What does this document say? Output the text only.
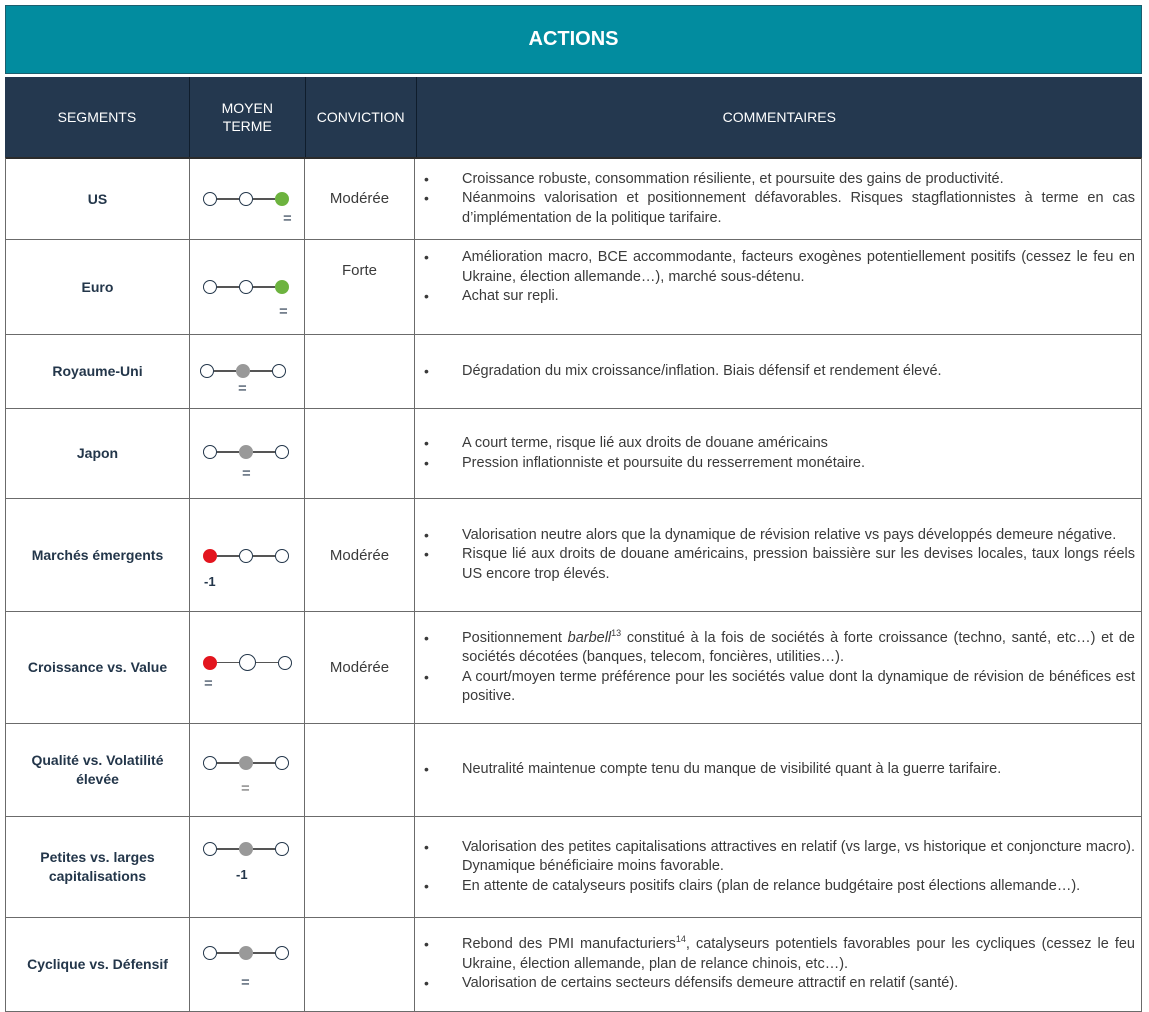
ACTIONS
SEGMENTS
MOYEN
TERME
CONVICTION	COMMENTAIRES
US
=
Modérée
• Croissance robuste, consommation résiliente, et poursuite des gains de productivité.
• Néanmoins valorisation et positionnement défavorables. Risques stagflationnistes à terme en cas d’implémentation de la politique tarifaire.
Euro
=
Forte
• Amélioration macro, BCE accommodante, facteurs exogènes potentiellement positifs (cessez le feu en Ukraine, élection allemande…), marché sous-détenu.
• Achat sur repli.
Royaume-Uni
=
• Dégradation du mix croissance/inflation. Biais défensif et rendement élevé.
Japon
=
• A court terme, risque lié aux droits de douane américains
• Pression inflationniste et poursuite du resserrement monétaire.
Marchés émergents
-1
Modérée
• Valorisation neutre alors que la dynamique de révision relative vs pays développés demeure négative.
• Risque lié aux droits de douane américains, pression baissière sur les devises locales, taux longs réels US encore trop élevés.
Croissance vs. Value
=
Modérée
• Positionnement barbell$^{13}$ constitué à la fois de sociétés à forte croissance (techno, santé, etc…) et de sociétés décotées (banques, telecom, foncières, utilities…).
• A court/moyen terme préférence pour les sociétés value dont la dynamique de révision de bénéfices est positive.
Qualité vs. Volatilité élevée
=
• Neutralité maintenue compte tenu du manque de visibilité quant à la guerre tarifaire.
Petites vs. larges capitalisations	-1
• Valorisation des petites capitalisations attractives en relatif (vs large, vs historique et conjoncture macro). Dynamique bénéficiaire moins favorable.
• En attente de catalyseurs positifs clairs (plan de relance budgétaire post élections allemande…).
Cyclique vs. Défensif
=
• Rebond des PMI manufacturiers$^{14}$, catalyseurs potentiels favorables pour les cycliques (cessez le feu Ukraine, élection allemande, plan de relance chinois, etc…).
• Valorisation de certains secteurs défensifs demeure attractif en relatif (santé).
